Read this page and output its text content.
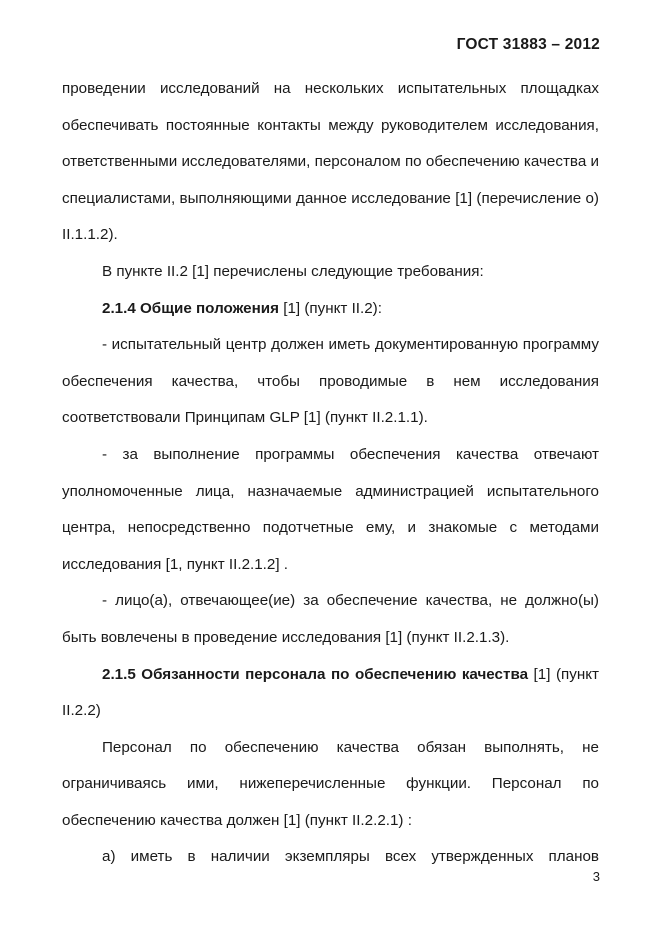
ГОСТ 31883 – 2012

проведении исследований на нескольких испытательных площадках обеспечивать постоянные контакты между руководителем исследования, ответственными исследователями, персоналом по обеспечению качества и специалистами, выполняющими данное исследование [1] (перечисление о) II.1.1.2).

В пункте II.2 [1] перечислены следующие требования:

2.1.4 Общие положения [1] (пункт II.2):

- испытательный центр должен иметь документированную программу обеспечения качества, чтобы проводимые в нем исследования соответствовали Принципам GLP [1] (пункт II.2.1.1).

- за выполнение программы обеспечения качества отвечают уполномоченные лица, назначаемые администрацией испытательного центра, непосредственно подотчетные ему, и знакомые с методами исследования [1, пункт II.2.1.2] .

- лицо(а), отвечающее(ие) за обеспечение качества, не должно(ы) быть вовлечены в проведение исследования [1] (пункт II.2.1.3).

2.1.5 Обязанности персонала по обеспечению качества [1] (пункт II.2.2)

Персонал по обеспечению качества обязан выполнять, не ограничиваясь ими, нижеперечисленные функции. Персонал по обеспечению качества должен [1] (пункт II.2.2.1) :

а) иметь в наличии экземпляры всех утвержденных планов

3
